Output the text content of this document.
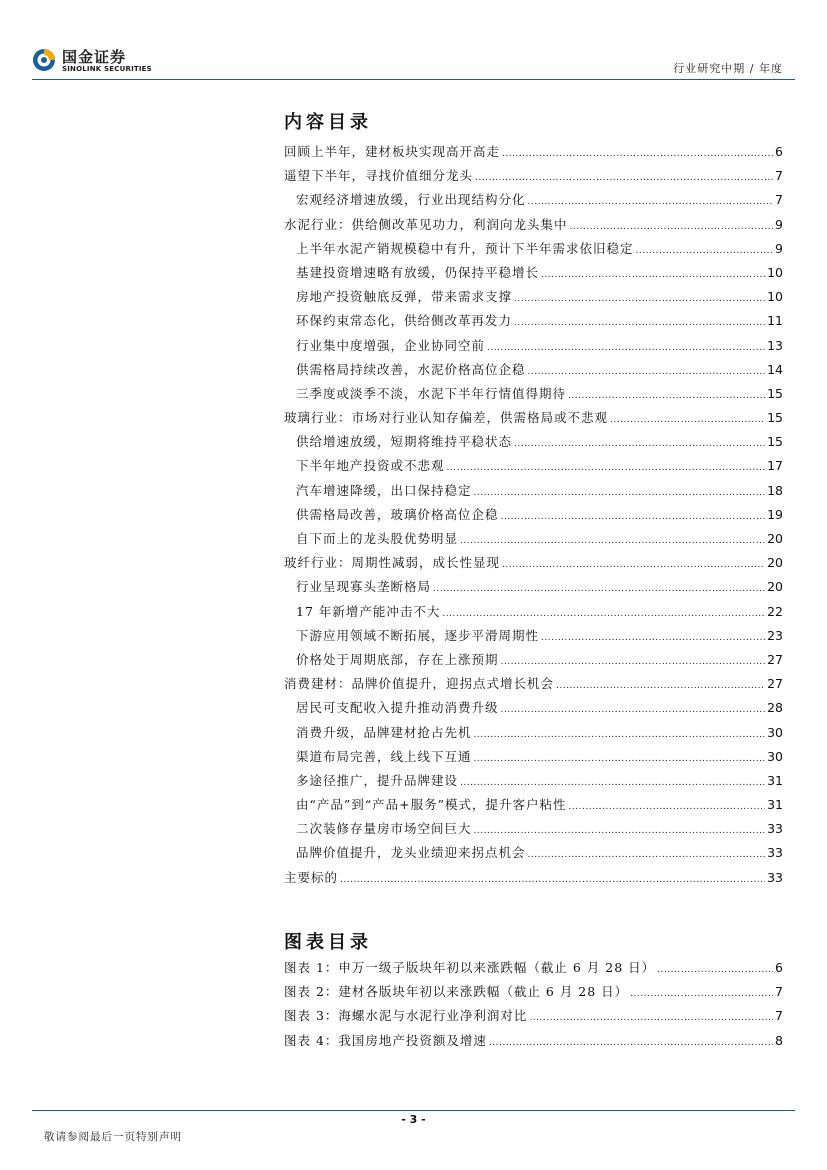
国金证券
SINOLINK SECURITIES	行业研究中期 / 年度
内容目录
回顾上半年，建材板块实现高开高走 .....	6
遥望下半年，寻找价值细分龙头 .....	7
宏观经济增速放缓，行业出现结构分化 .....	7
水泥行业：供给侧改革见功力，利润向龙头集中 .....	9
上半年水泥产销规模稳中有升，预计下半年需求依旧稳定 .....	9
基建投资增速略有放缓，仍保持平稳增长 .....	10
房地产投资触底反弹，带来需求支撑 .....	10
环保约束常态化，供给侧改革再发力 .....	11
行业集中度增强，企业协同空前 .....	13
供需格局持续改善，水泥价格高位企稳 .....	14
三季度或淡季不淡，水泥下半年行情值得期待 .....	15
玻璃行业：市场对行业认知存偏差，供需格局或不悲观 .....	15
供给增速放缓，短期将维持平稳状态 .....	15
下半年地产投资或不悲观 .....	17
汽车增速降缓，出口保持稳定 .....	18
供需格局改善，玻璃价格高位企稳 .....	19
自下而上的龙头股优势明显 .....	20
玻纤行业：周期性减弱，成长性显现 .....	20
行业呈现寡头垄断格局 .....	20
17 年新增产能冲击不大 .....	22
下游应用领域不断拓展，逐步平滑周期性 .....	23
价格处于周期底部，存在上涨预期 .....	27
消费建材：品牌价值提升，迎拐点式增长机会 .....	27
居民可支配收入提升推动消费升级 .....	28
消费升级，品牌建材抢占先机 .....	30
渠道布局完善，线上线下互通 .....	30
多途径推广，提升品牌建设 .....	31
由“产品”到“产品+服务”模式，提升客户粘性 .....	31
二次装修存量房市场空间巨大 .....	33
品牌价值提升，龙头业绩迎来拐点机会 .....	33
主要标的 .....	33
图表目录
图表 1：申万一级子版块年初以来涨跌幅（截止 6 月 28 日） .....	6
图表 2：建材各版块年初以来涨跌幅（截止 6 月 28 日） .....	7
图表 3：海螺水泥与水泥行业净利润对比 .....	7
图表 4：我国房地产投资额及增速 .....	8
- 3 -
敬请参阅最后一页特别声明
